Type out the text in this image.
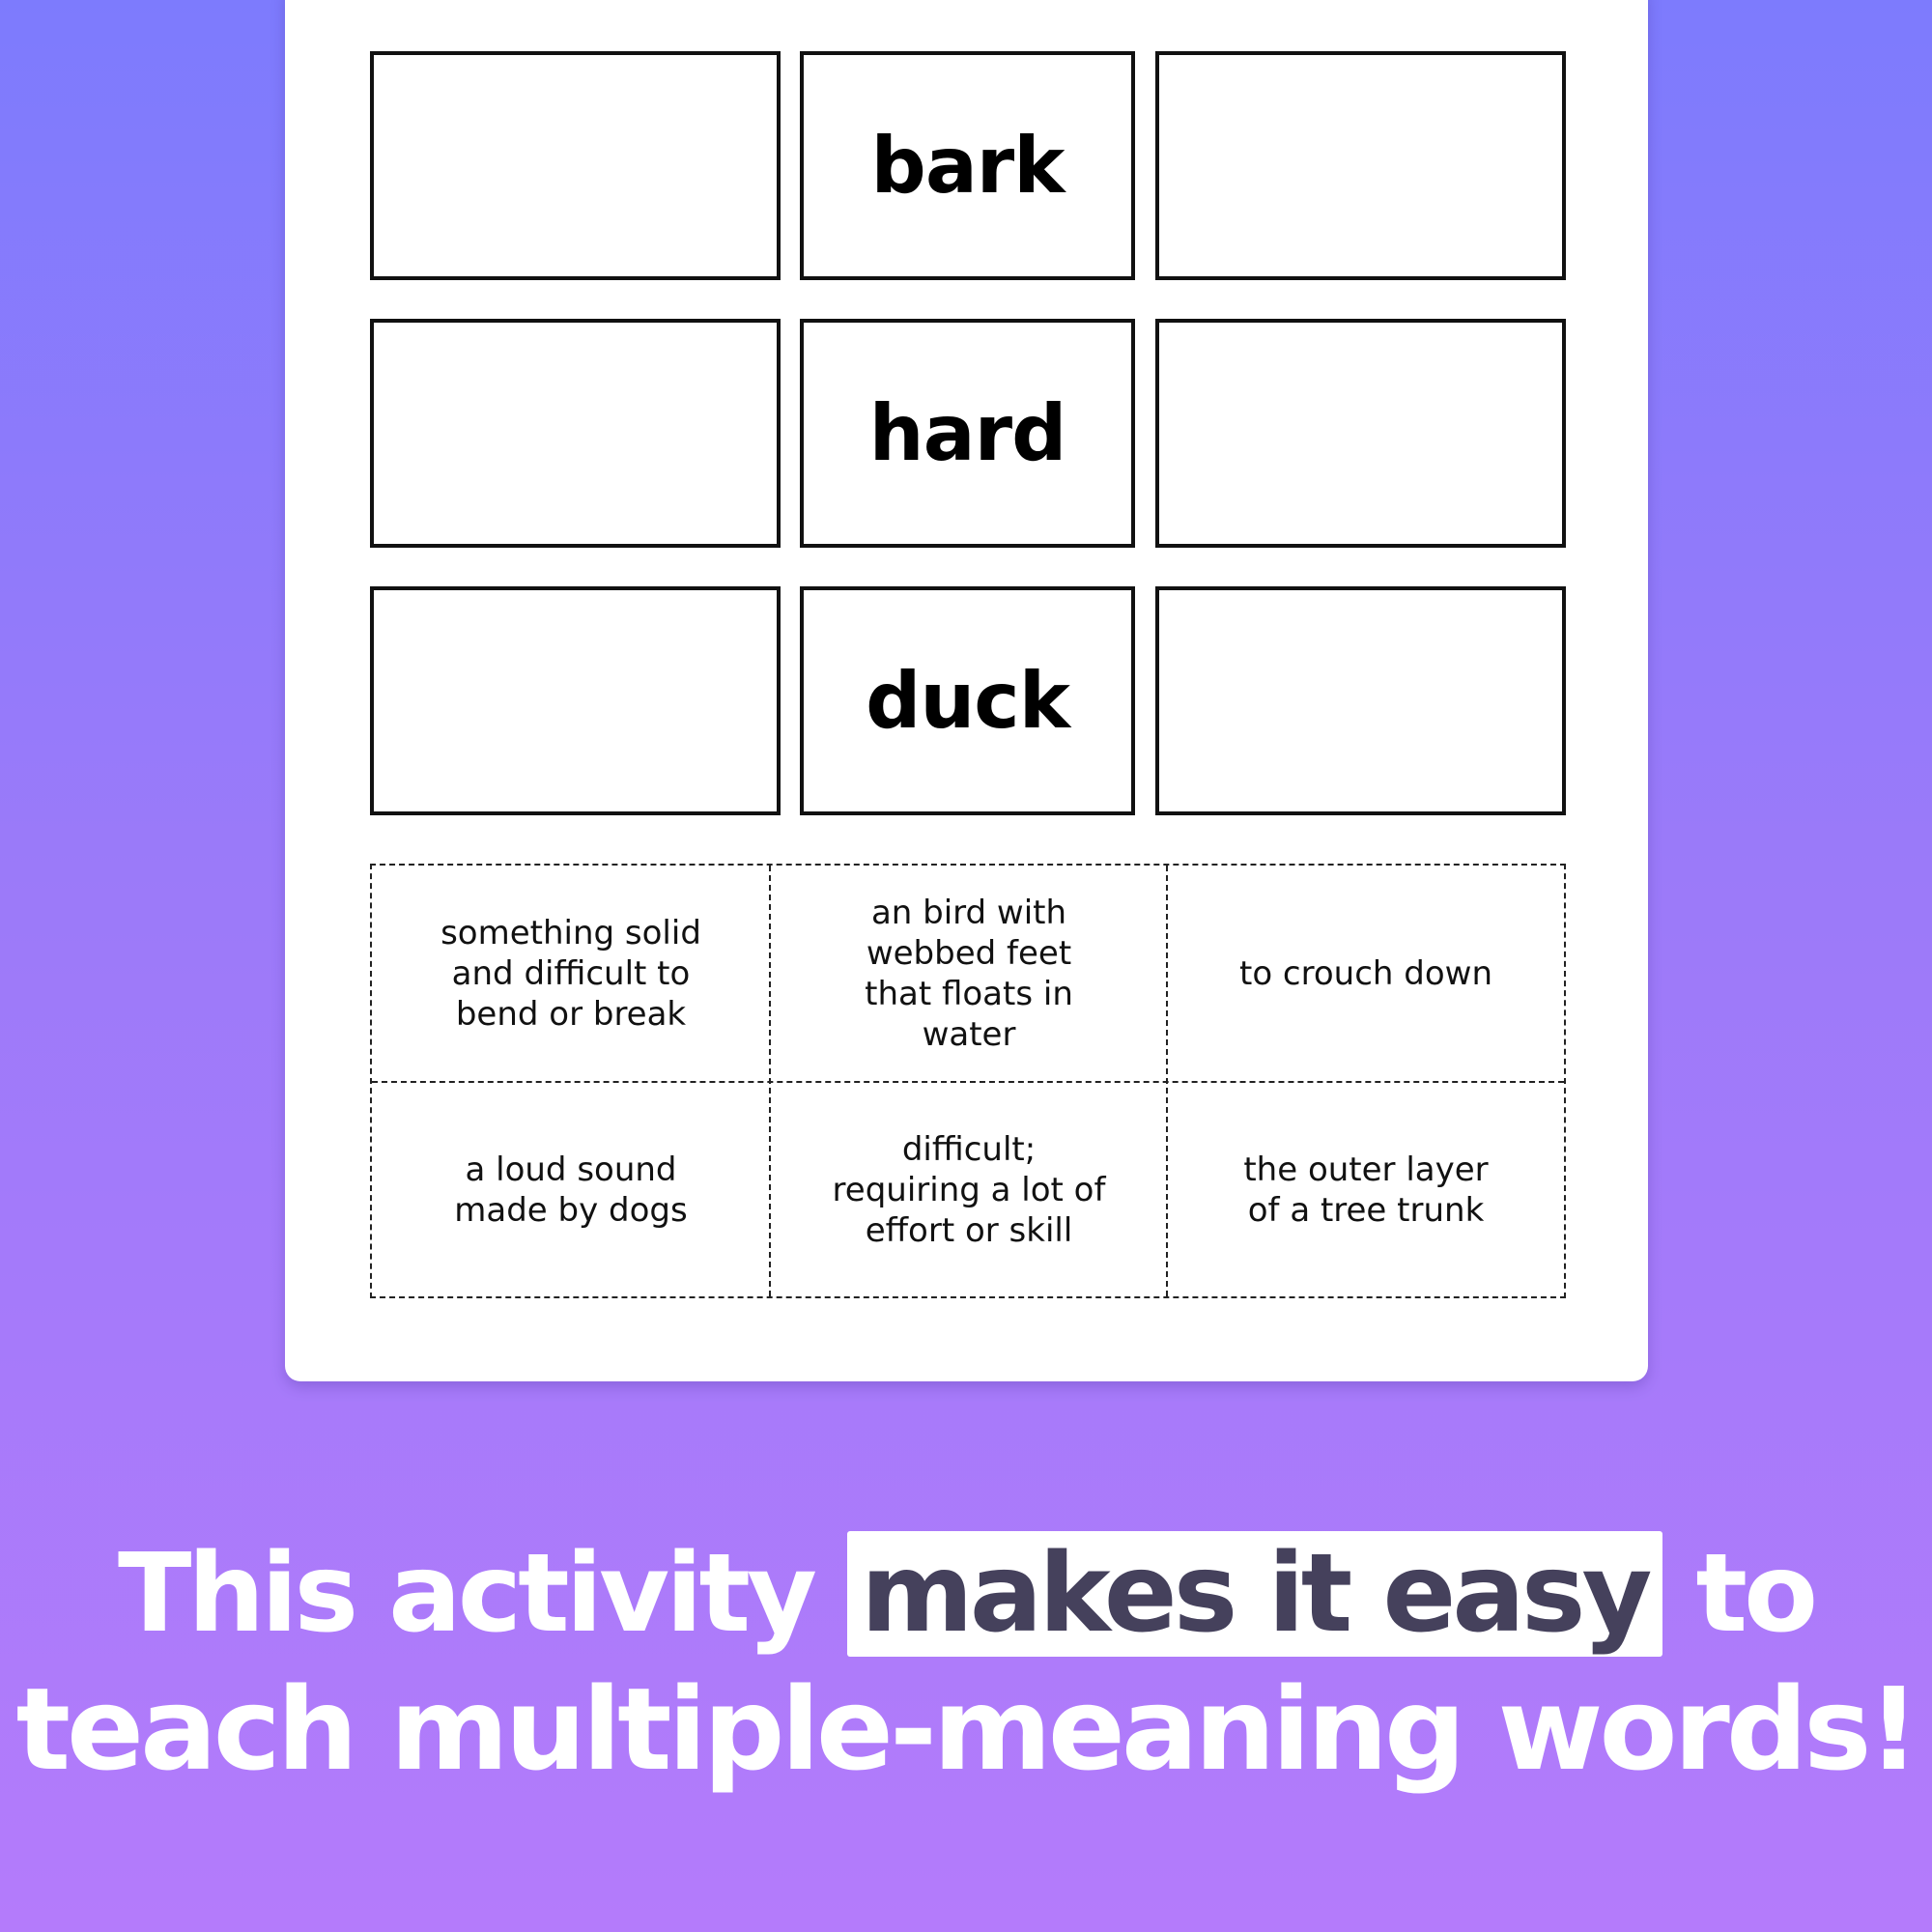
bark
hard
duck
something solid and difficult to bend or break
an bird with webbed feet that floats in water
to crouch down
a loud sound made by dogs
difficult; requiring a lot of effort or skill
the outer layer of a tree trunk
This activity makes it easy to
teach multiple-meaning words!
